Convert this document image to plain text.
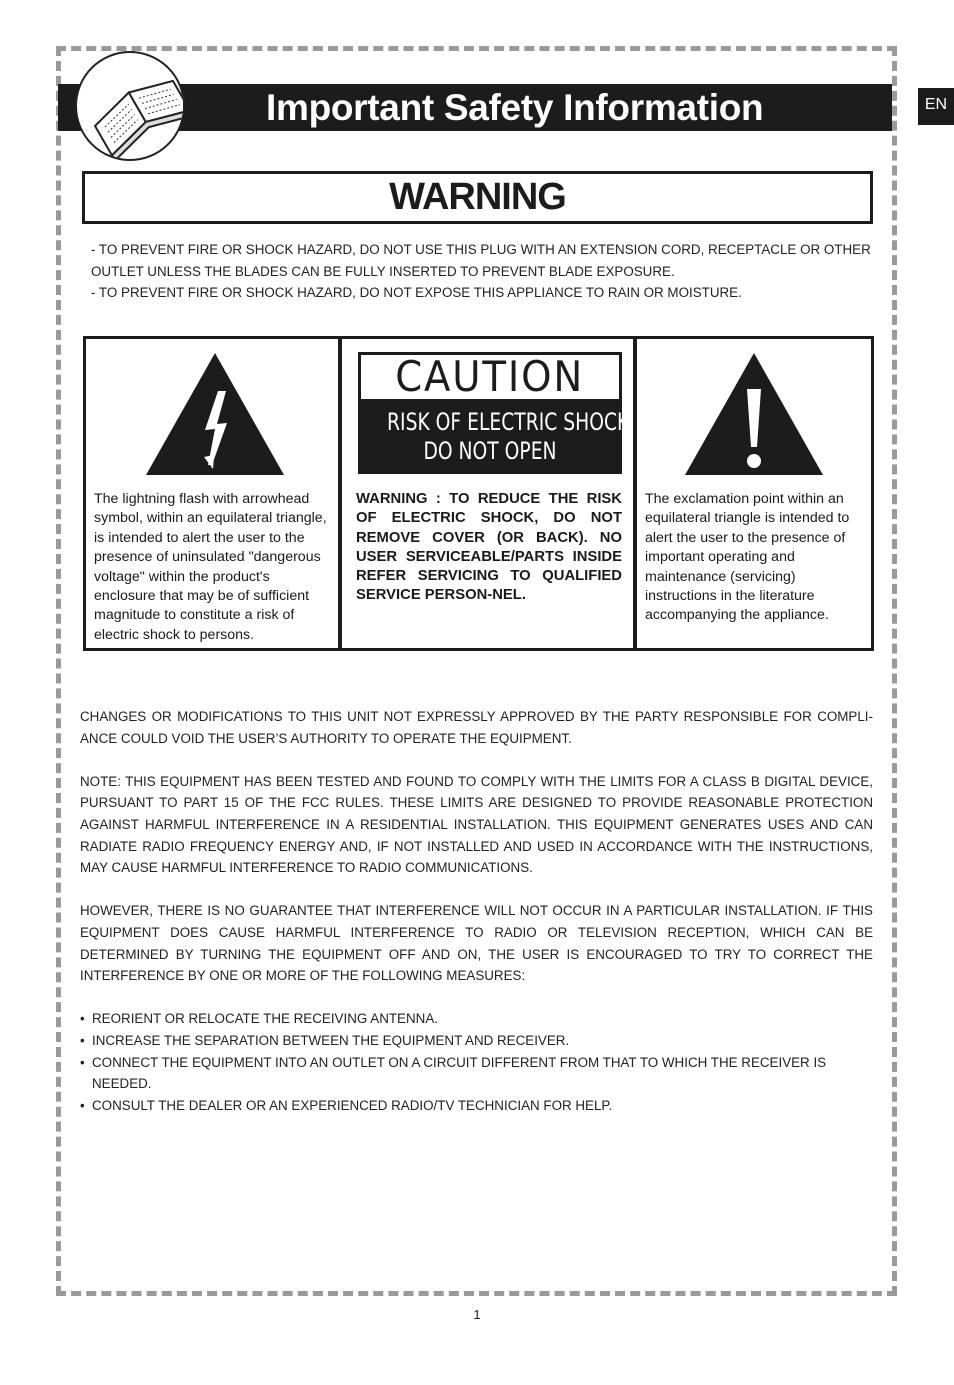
Important Safety Information	EN
WARNING

- TO PREVENT FIRE OR SHOCK HAZARD, DO NOT USE THIS PLUG WITH AN EXTENSION CORD, RECEPTACLE OR OTHER OUTLET UNLESS THE BLADES CAN BE FULLY INSERTED TO PREVENT BLADE EXPOSURE.

- TO PREVENT FIRE OR SHOCK HAZARD, DO NOT EXPOSE THIS APPLIANCE TO RAIN OR MOISTURE.

The lightning flash with arrowhead symbol, within an equilateral triangle, is intended to alert the user to the presence of uninsulated "dangerous voltage" within the product's enclosure that may be of sufficient magnitude to constitute a risk of electric shock to persons.
CAUTION
RISK OF ELECTRIC SHOCK
DO NOT OPEN
WARNING : TO REDUCE THE RISK OF ELECTRIC SHOCK, DO NOT REMOVE COVER (OR BACK). NO USER SERVICEABLE/PARTS INSIDE REFER SERVICING TO QUALIFIED SERVICE PERSON-NEL.
The exclamation point within an equilateral triangle is intended to alert the user to the presence of important operating and maintenance (servicing) instructions in the literature accompanying the appliance.

CHANGES OR MODIFICATIONS TO THIS UNIT NOT EXPRESSLY APPROVED BY THE PARTY RESPONSIBLE FOR COMPLI-ANCE COULD VOID THE USER’S AUTHORITY TO OPERATE THE EQUIPMENT.

NOTE: THIS EQUIPMENT HAS BEEN TESTED AND FOUND TO COMPLY WITH THE LIMITS FOR A CLASS B DIGITAL DEVICE, PURSUANT TO PART 15 OF THE FCC RULES. THESE LIMITS ARE DESIGNED TO PROVIDE REASONABLE PROTECTION AGAINST HARMFUL INTERFERENCE IN A RESIDENTIAL INSTALLATION. THIS EQUIPMENT GENERATES USES AND CAN RADIATE RADIO FREQUENCY ENERGY AND, IF NOT INSTALLED AND USED IN ACCORDANCE WITH THE INSTRUCTIONS, MAY CAUSE HARMFUL INTERFERENCE TO RADIO COMMUNICATIONS.

HOWEVER, THERE IS NO GUARANTEE THAT INTERFERENCE WILL NOT OCCUR IN A PARTICULAR INSTALLATION. IF THIS EQUIPMENT DOES CAUSE HARMFUL INTERFERENCE TO RADIO OR TELEVISION RECEPTION, WHICH CAN BE DETERMINED BY TURNING THE EQUIPMENT OFF AND ON, THE USER IS ENCOURAGED TO TRY TO CORRECT THE INTERFERENCE BY ONE OR MORE OF THE FOLLOWING MEASURES:

• REORIENT OR RELOCATE THE RECEIVING ANTENNA.
• INCREASE THE SEPARATION BETWEEN THE EQUIPMENT AND RECEIVER.
• CONNECT THE EQUIPMENT INTO AN OUTLET ON A CIRCUIT DIFFERENT FROM THAT TO WHICH THE RECEIVER IS NEEDED.
• CONSULT THE DEALER OR AN EXPERIENCED RADIO/TV TECHNICIAN FOR HELP.
1
